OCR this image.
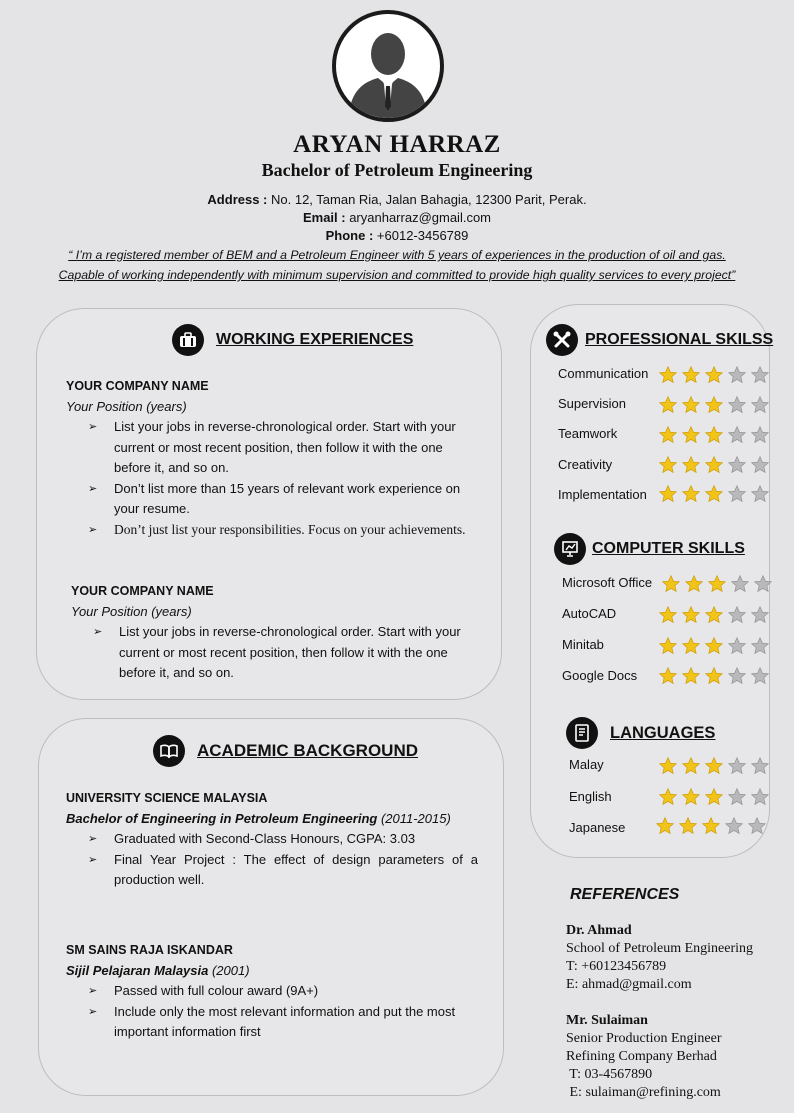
ARYAN HARRAZ
Bachelor of Petroleum Engineering
Address : No. 12, Taman Ria, Jalan Bahagia, 12300 Parit, Perak.
Email : aryanharraz@gmail.com
Phone : +6012-3456789
“ I’m a registered member of BEM and a Petroleum Engineer with 5 years of experiences in the production of oil and gas.
Capable of working independently with minimum supervision and committed to provide high quality services to every project”
WORKING EXPERIENCES
YOUR COMPANY NAME
Your Position (years)
➢ List your jobs in reverse-chronological order. Start with your current or most recent position, then follow it with the one before it, and so on.
➢ Don’t list more than 15 years of relevant work experience on your resume.
➢ Don’t just list your responsibilities. Focus on your achievements.
YOUR COMPANY NAME
Your Position (years)
➢ List your jobs in reverse-chronological order. Start with your current or most recent position, then follow it with the one before it, and so on.
ACADEMIC BACKGROUND
UNIVERSITY SCIENCE MALAYSIA
Bachelor of Engineering in Petroleum Engineering (2011-2015)
➢ Graduated with Second-Class Honours, CGPA: 3.03
➢ Final Year Project : The effect of design parameters of a production well.
SM SAINS RAJA ISKANDAR
Sijil Pelajaran Malaysia (2001)
➢ Passed with full colour award (9A+)
➢ Include only the most relevant information and put the most important information first
PROFESSIONAL SKILSS
Communication
Supervision
Teamwork
Creativity
Implementation
COMPUTER SKILLS
Microsoft Office
AutoCAD
Minitab
Google Docs
LANGUAGES
Malay
English
Japanese
REFERENCES
Dr. Ahmad
School of Petroleum Engineering
T: +60123456789
E: ahmad@gmail.com
Mr. Sulaiman
Senior Production Engineer
Refining Company Berhad
T: 03-4567890
E: sulaiman@refining.com
